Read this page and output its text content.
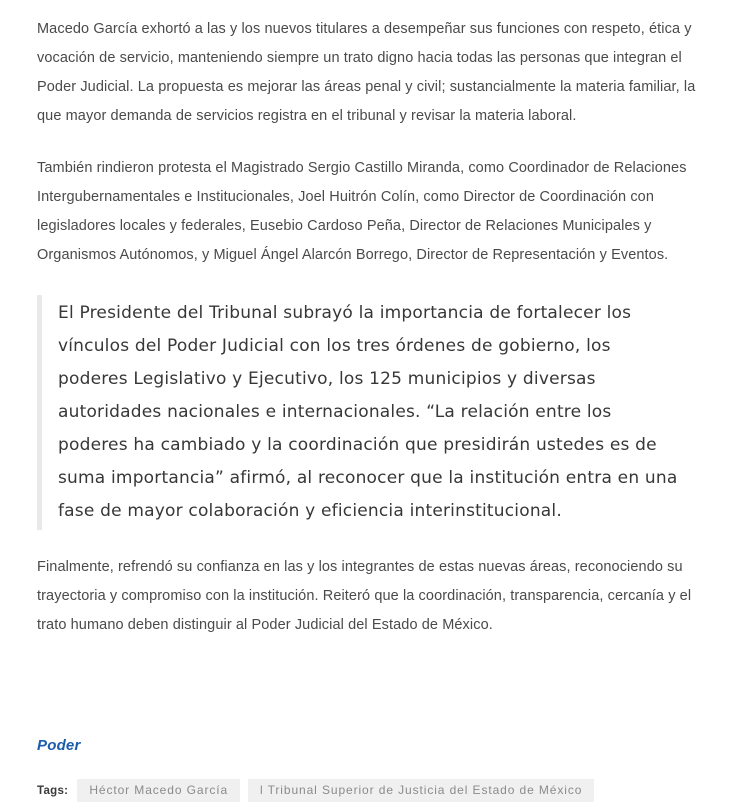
Macedo García exhortó a las y los nuevos titulares a desempeñar sus funciones con respeto, ética y vocación de servicio, manteniendo siempre un trato digno hacia todas las personas que integran el Poder Judicial. La propuesta es mejorar las áreas penal y civil; sustancialmente la materia familiar, la que mayor demanda de servicios registra en el tribunal y revisar la materia laboral.

También rindieron protesta el Magistrado Sergio Castillo Miranda, como Coordinador de Relaciones Intergubernamentales e Institucionales, Joel Huitrón Colín, como Director de Coordinación con legisladores locales y federales, Eusebio Cardoso Peña, Director de Relaciones Municipales y Organismos Autónomos, y Miguel Ángel Alarcón Borrego, Director de Representación y Eventos.

El Presidente del Tribunal subrayó la importancia de fortalecer los vínculos del Poder Judicial con los tres órdenes de gobierno, los poderes Legislativo y Ejecutivo, los 125 municipios y diversas autoridades nacionales e internacionales. “La relación entre los poderes ha cambiado y la coordinación que presidirán ustedes es de suma importancia” afirmó, al reconocer que la institución entra en una fase de mayor colaboración y eficiencia interinstitucional.

Finalmente, refrendó su confianza en las y los integrantes de estas nuevas áreas, reconociendo su trayectoria y compromiso con la institución. Reiteró que la coordinación, transparencia, cercanía y el trato humano deben distinguir al Poder Judicial del Estado de México.

Poder
Tags:	Héctor Macedo García	l Tribunal Superior de Justicia del Estado de México
